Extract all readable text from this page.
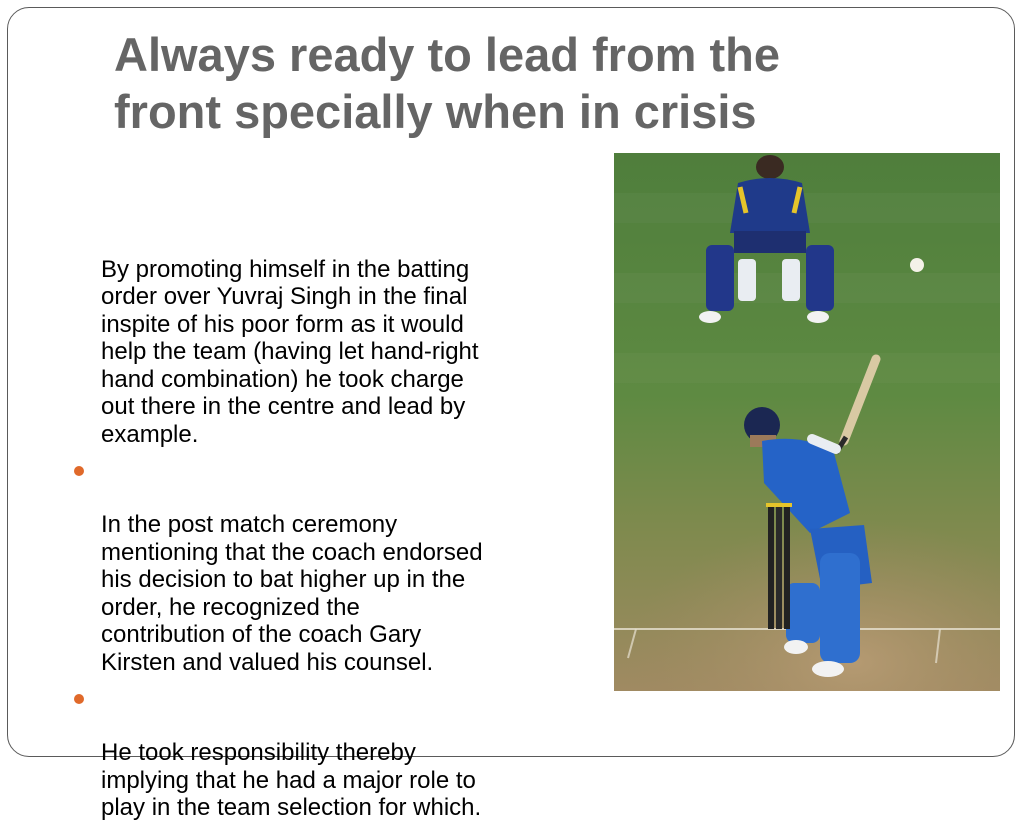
Always ready to lead from the
front specially when in crisis

By promoting himself in the batting
order over Yuvraj Singh in the final
inspite of his poor form as it would
help the team (having let hand-right
hand combination) he took charge
out there in the centre and lead by
example.

In the post match ceremony
mentioning that the coach endorsed
his decision to bat higher up in the
order, he recognized the
contribution of the coach Gary
Kirsten and valued his counsel.

He took responsibility thereby
implying that he had a major role to
play in the team selection for which.
